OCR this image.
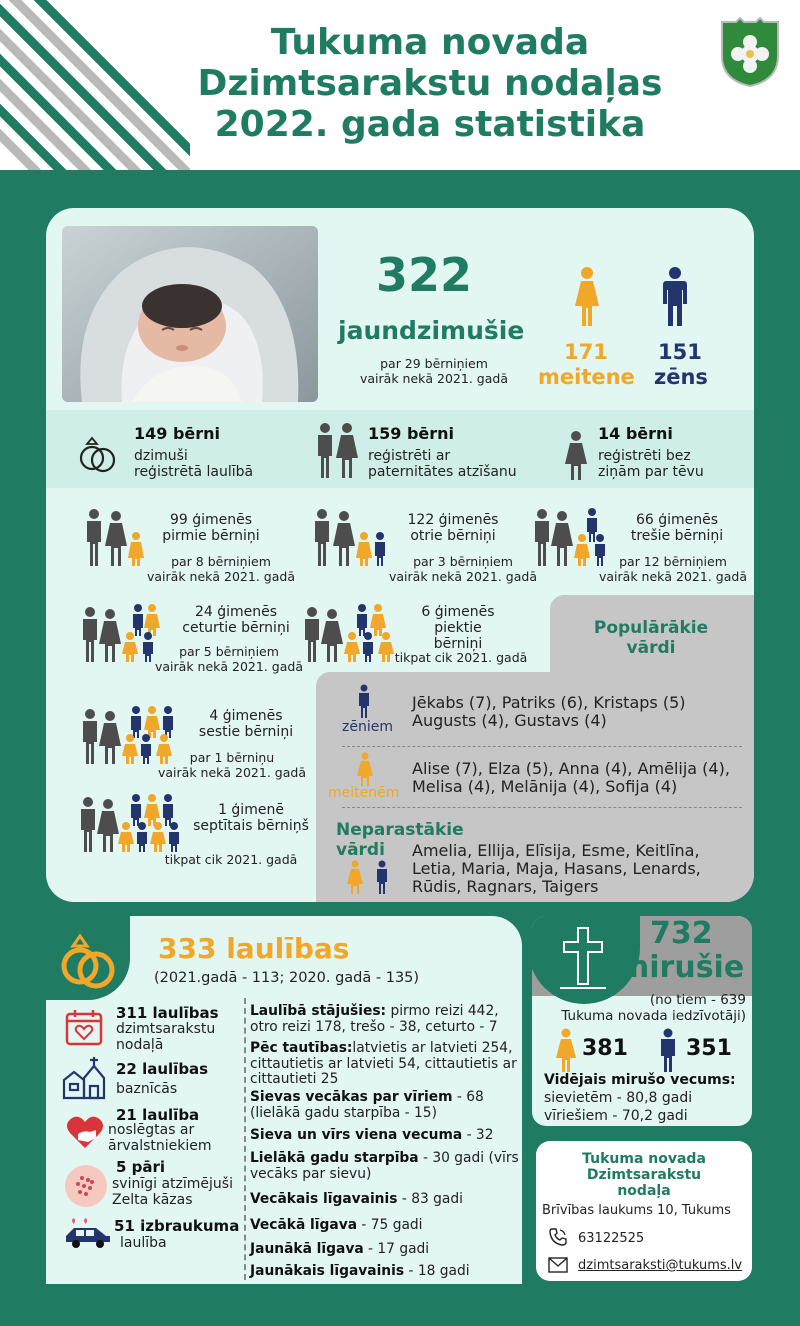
Tukuma novada
Dzimtsarakstu nodaļas
2022. gada statistika
322
jaundzimušie
par 29 bērniņiem
vairāk nekā 2021. gadā
171
meitene
151
zēns
149 bērni
dzimuši
reģistrētā laulībā
159 bērni
reģistrēti ar
paternitātes atzīšanu
14 bērni
reģistrēti bez
ziņām par tēvu
99 ģimenēs
pirmie bērniņi
par 8 bērniņiem
vairāk nekā 2021. gadā
122 ģimenēs
otrie bērniņi
par 3 bērniņiem
vairāk nekā 2021. gadā
66 ģimenēs
trešie bērniņi
par 12 bērniņiem
vairāk nekā 2021. gadā
24 ģimenēs
ceturtie bērniņi
par 5 bērniņiem
vairāk nekā 2021. gadā
6 ģimenēs
piektie bērniņi
tikpat cik 2021. gadā
Populārākie
vārdi
zēniem
Jēkabs (7), Patriks (6), Kristaps (5)
Augusts (4), Gustavs (4)
meitenēm
Alise (7), Elza (5), Anna (4), Amēlija (4),
Melisa (4), Melānija (4), Sofija (4)
Neparastākie
vārdi	Amelia, Ellija, Elīsija, Esme, Keitlīna,
Letia, Maria, Maja, Hasans, Lenards,
Rūdis, Ragnars, Taigers
4 ģimenēs
sestie bērniņi
par 1 bērniņu
vairāk nekā 2021. gadā
1 ģimenē
septītais bērniņš
tikpat cik 2021. gadā
333 laulības
(2021.gadā - 113; 2020. gadā - 135)
311 laulības
dzimtsarakstu
nodaļā
22 laulības
baznīcās
21 laulība
noslēgtas ar
ārvalstniekiem
5 pāri
svinīgi atzīmējuši
Zelta kāzas
51 izbraukuma
laulība
Laulībā stājušies: pirmo reizi 442, otro reizi 178, trešo - 38, ceturto - 7
Pēc tautības:latvietis ar latvieti 254, cittautietis ar latvieti 54, cittautietis ar cittautieti 25
Sievas vecākas par vīriem - 68 (lielākā gadu starpība - 15)
Sieva un vīrs viena vecuma - 32
Lielākā gadu starpība - 30 gadi (vīrs vecāks par sievu)
Vecākais līgavainis - 83 gadi
Vecākā līgava - 75 gadi
Jaunākā līgava - 17 gadi
Jaunākais līgavainis - 18 gadi
732
mirušie
(no tiem - 639
Tukuma novada iedzīvotāji)
381	351
Vidējais mirušo vecums:
sievietēm - 80,8 gadi
vīriešiem - 70,2 gadi
Tukuma novada
Dzimtsarakstu
nodaļa
Brīvības laukums 10, Tukums
63122525
dzimtsaraksti@tukums.lv
